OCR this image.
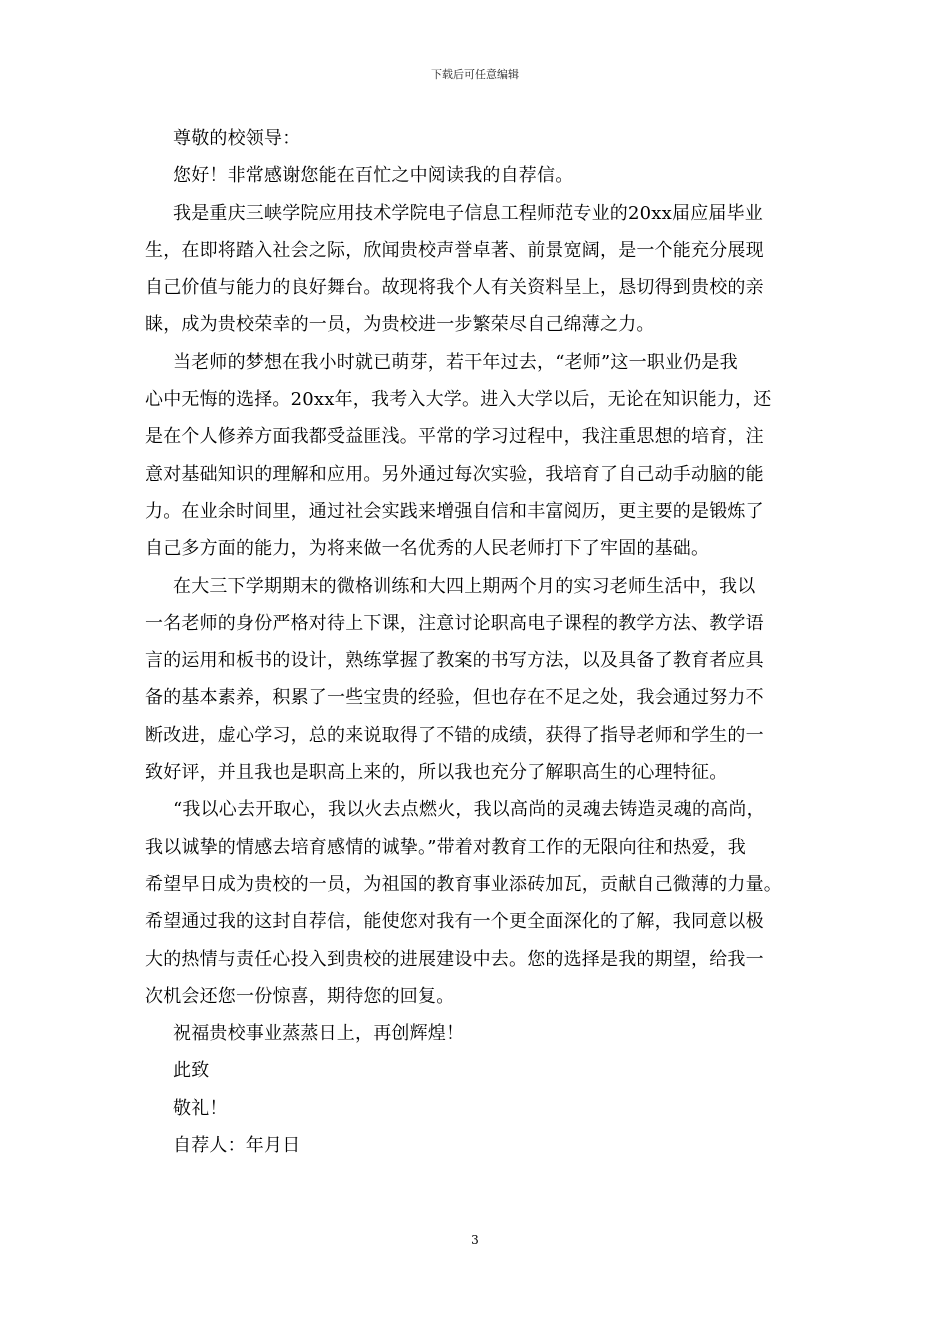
下载后可任意编辑
尊敬的校领导：
您好！非常感谢您能在百忙之中阅读我的自荐信。
我是重庆三峡学院应用技术学院电子信息工程师范专业的20xx届应届毕业
生，在即将踏入社会之际，欣闻贵校声誉卓著、前景宽阔，是一个能充分展现
自己价值与能力的良好舞台。故现将我个人有关资料呈上，恳切得到贵校的亲
睐，成为贵校荣幸的一员，为贵校进一步繁荣尽自己绵薄之力。
当老师的梦想在我小时就已萌芽，若干年过去，“老师”这一职业仍是我
心中无悔的选择。20xx年，我考入大学。进入大学以后，无论在知识能力，还
是在个人修养方面我都受益匪浅。平常的学习过程中，我注重思想的培育，注
意对基础知识的理解和应用。另外通过每次实验，我培育了自己动手动脑的能
力。在业余时间里，通过社会实践来增强自信和丰富阅历，更主要的是锻炼了
自己多方面的能力，为将来做一名优秀的人民老师打下了牢固的基础。
在大三下学期期末的微格训练和大四上期两个月的实习老师生活中，我以
一名老师的身份严格对待上下课，注意讨论职高电子课程的教学方法、教学语
言的运用和板书的设计，熟练掌握了教案的书写方法，以及具备了教育者应具
备的基本素养，积累了一些宝贵的经验，但也存在不足之处，我会通过努力不
断改进，虚心学习，总的来说取得了不错的成绩，获得了指导老师和学生的一
致好评，并且我也是职高上来的，所以我也充分了解职高生的心理特征。
“我以心去开取心，我以火去点燃火，我以高尚的灵魂去铸造灵魂的高尚，
我以诚挚的情感去培育感情的诚挚。”带着对教育工作的无限向往和热爱，我
希望早日成为贵校的一员，为祖国的教育事业添砖加瓦，贡献自己微薄的力量。
希望通过我的这封自荐信，能使您对我有一个更全面深化的了解，我同意以极
大的热情与责任心投入到贵校的进展建设中去。您的选择是我的期望，给我一
次机会还您一份惊喜，期待您的回复。
祝福贵校事业蒸蒸日上，再创辉煌！
此致
敬礼！
自荐人：年月日
3
